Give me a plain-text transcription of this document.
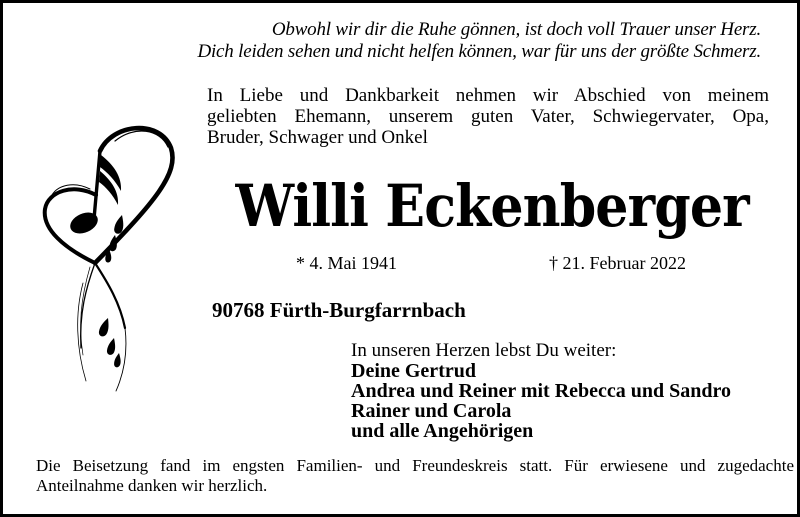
Obwohl wir dir die Ruhe gönnen, ist doch voll Trauer unser Herz.
Dich leiden sehen und nicht helfen können, war für uns der größte Schmerz.
In Liebe und Dankbarkeit nehmen wir Abschied von meinem
geliebten Ehemann, unserem guten Vater, Schwiegervater, Opa,
Bruder, Schwager und Onkel
Willi Eckenberger
* 4. Mai 1941	† 21. Februar 2022
90768 Fürth-Burgfarrnbach
In unseren Herzen lebst Du weiter:
Deine Gertrud
Andrea und Reiner mit Rebecca und Sandro
Rainer und Carola
und alle Angehörigen
Die Beisetzung fand im engsten Familien- und Freundeskreis statt. Für erwiesene und zugedachte
Anteilnahme danken wir herzlich.
